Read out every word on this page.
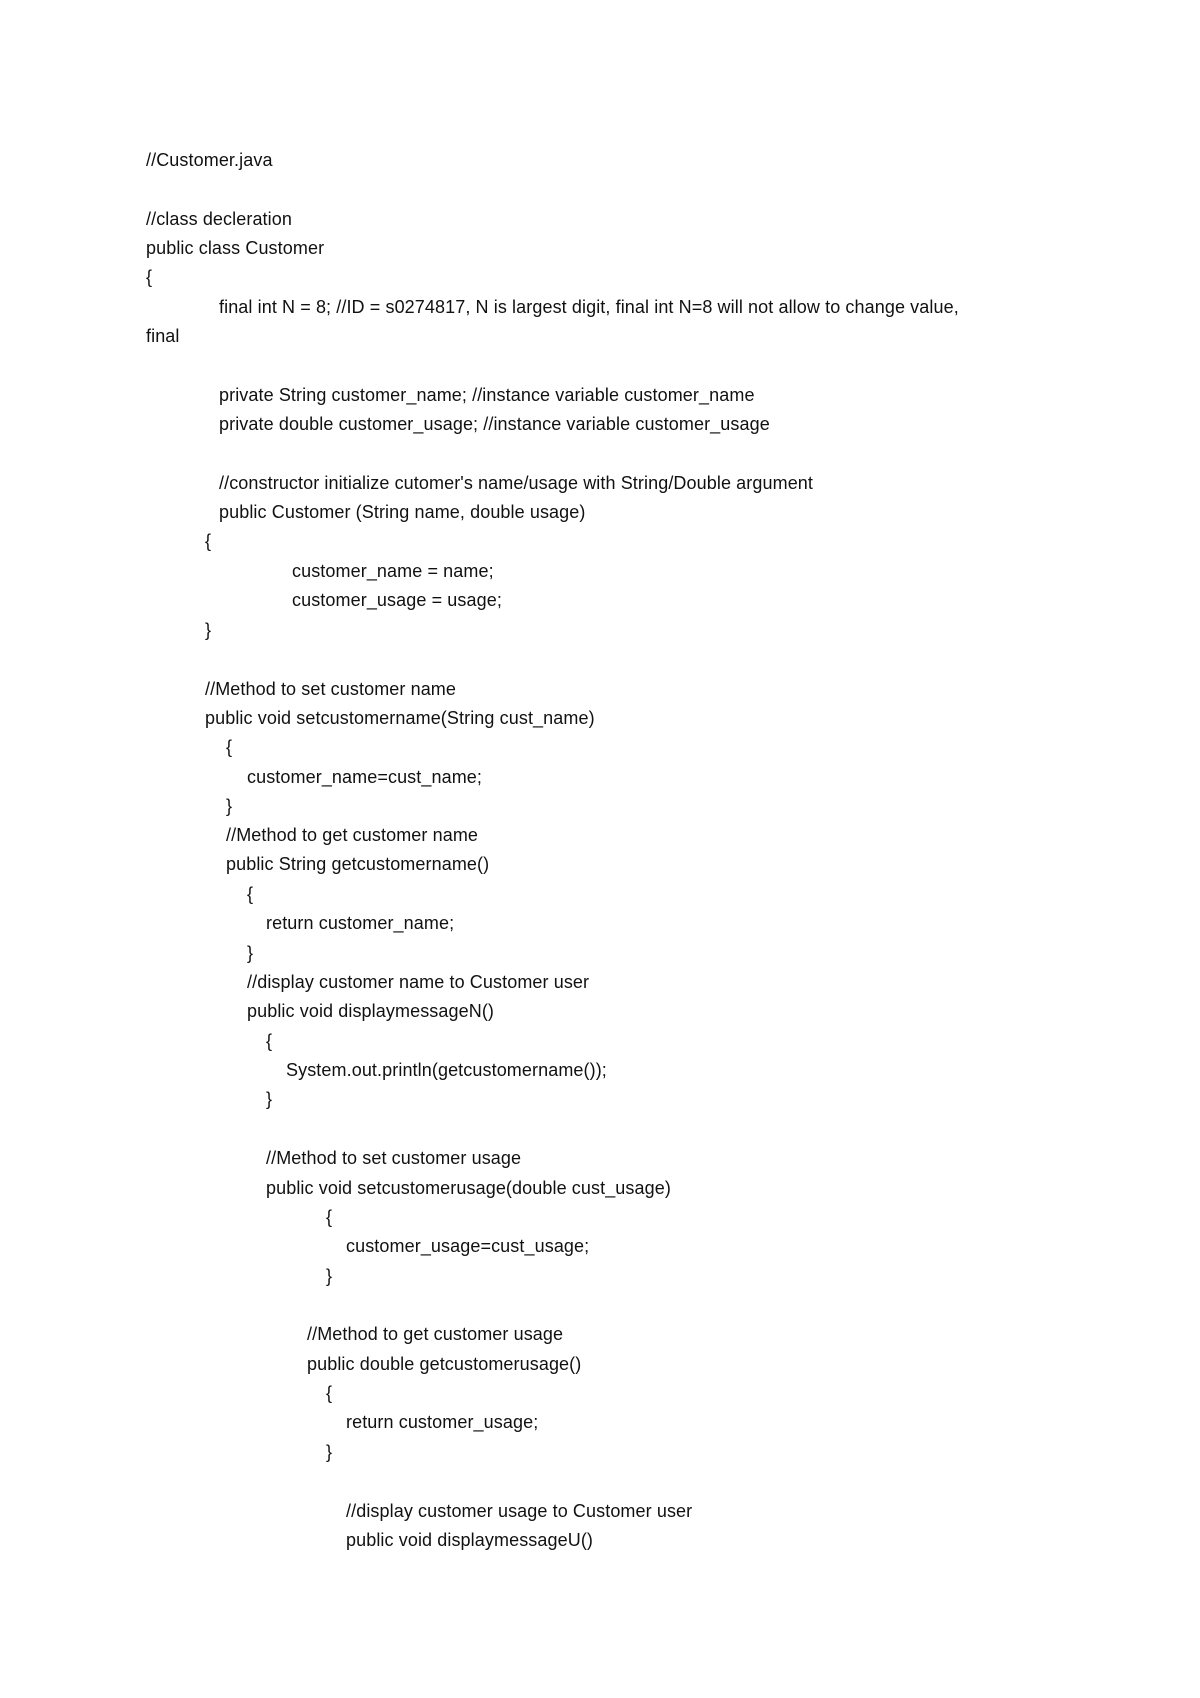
//Customer.java
//class decleration
public class Customer
{
final int N = 8; //ID = s0274817, N is largest digit, final int N=8 will not allow to change value,
final
private String customer_name; //instance variable customer_name
private double customer_usage; //instance variable customer_usage
//constructor initialize cutomer's name/usage with String/Double argument
public Customer (String name, double usage)
{
customer_name = name;
customer_usage = usage;
}
//Method to set customer name
public void setcustomername(String cust_name)
{
customer_name=cust_name;
}
//Method to get customer name
public String getcustomername()
{
return customer_name;
}
//display customer name to Customer user
public void displaymessageN()
{
System.out.println(getcustomername());
}
//Method to set customer usage
public void setcustomerusage(double cust_usage)
{
customer_usage=cust_usage;
}
//Method to get customer usage
public double getcustomerusage()
{
return customer_usage;
}
//display customer usage to Customer user
public void displaymessageU()
